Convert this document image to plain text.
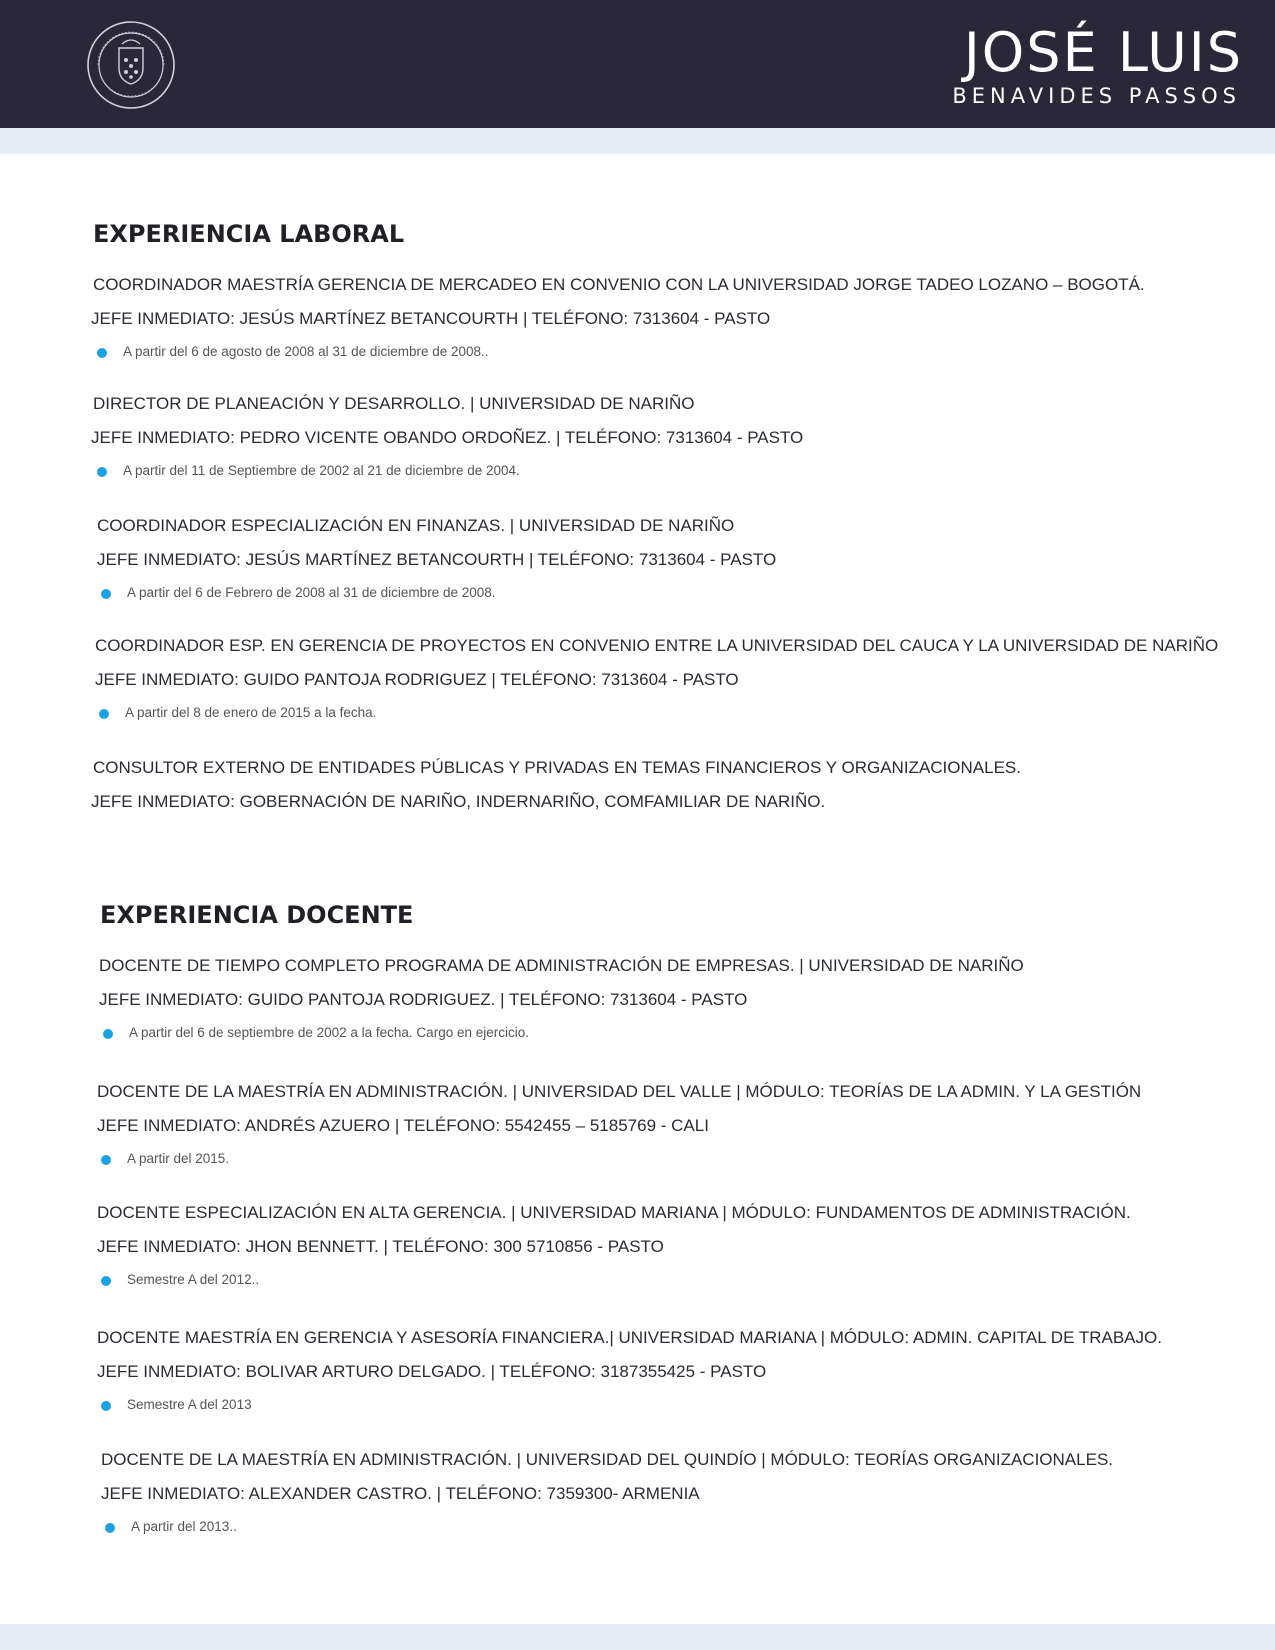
JOSÉ LUIS
BENAVIDES PASSOS
EXPERIENCIA LABORAL
COORDINADOR MAESTRÍA GERENCIA DE MERCADEO EN CONVENIO CON LA UNIVERSIDAD JORGE TADEO LOZANO – BOGOTÁ.
JEFE INMEDIATO: JESÚS MARTÍNEZ BETANCOURTH | TELÉFONO: 7313604 - PASTO
A partir del 6 de agosto de 2008 al 31 de diciembre de 2008..
DIRECTOR DE PLANEACIÓN Y DESARROLLO. | UNIVERSIDAD DE NARIÑO
JEFE INMEDIATO: PEDRO VICENTE OBANDO ORDOÑEZ. | TELÉFONO: 7313604 - PASTO
A partir del 11 de Septiembre de 2002 al 21 de diciembre de 2004.
COORDINADOR ESPECIALIZACIÓN EN FINANZAS. | UNIVERSIDAD DE NARIÑO
JEFE INMEDIATO: JESÚS MARTÍNEZ BETANCOURTH | TELÉFONO: 7313604 - PASTO
A partir del 6 de Febrero de 2008 al 31 de diciembre de 2008.
COORDINADOR ESP. EN GERENCIA DE PROYECTOS EN CONVENIO ENTRE LA UNIVERSIDAD DEL CAUCA Y LA UNIVERSIDAD DE NARIÑO
JEFE INMEDIATO: GUIDO PANTOJA RODRIGUEZ | TELÉFONO: 7313604 - PASTO
A partir del 8 de enero de 2015 a la fecha.
CONSULTOR EXTERNO DE ENTIDADES PÚBLICAS Y PRIVADAS EN TEMAS FINANCIEROS Y ORGANIZACIONALES.
JEFE INMEDIATO: GOBERNACIÓN DE NARIÑO, INDERNARIÑO, COMFAMILIAR DE NARIÑO.
EXPERIENCIA DOCENTE
DOCENTE DE TIEMPO COMPLETO PROGRAMA DE ADMINISTRACIÓN DE EMPRESAS. | UNIVERSIDAD DE NARIÑO
JEFE INMEDIATO: GUIDO PANTOJA RODRIGUEZ. | TELÉFONO: 7313604 - PASTO
A partir del 6 de septiembre de 2002 a la fecha. Cargo en ejercicio.
DOCENTE DE LA MAESTRÍA EN ADMINISTRACIÓN. | UNIVERSIDAD DEL VALLE | MÓDULO: TEORÍAS DE LA ADMIN. Y LA GESTIÓN
JEFE INMEDIATO: ANDRÉS AZUERO | TELÉFONO: 5542455 – 5185769 - CALI
A partir del 2015.
DOCENTE ESPECIALIZACIÓN EN ALTA GERENCIA. | UNIVERSIDAD MARIANA | MÓDULO: FUNDAMENTOS DE ADMINISTRACIÓN.
JEFE INMEDIATO: JHON BENNETT. | TELÉFONO: 300 5710856 - PASTO
Semestre A del 2012..
DOCENTE MAESTRÍA EN GERENCIA Y ASESORÍA FINANCIERA.| UNIVERSIDAD MARIANA | MÓDULO: ADMIN. CAPITAL DE TRABAJO.
JEFE INMEDIATO: BOLIVAR ARTURO DELGADO. | TELÉFONO: 3187355425 - PASTO
Semestre A del 2013
DOCENTE DE LA MAESTRÍA EN ADMINISTRACIÓN. | UNIVERSIDAD DEL QUINDÍO | MÓDULO: TEORÍAS ORGANIZACIONALES.
JEFE INMEDIATO: ALEXANDER CASTRO. | TELÉFONO: 7359300- ARMENIA
A partir del 2013..
